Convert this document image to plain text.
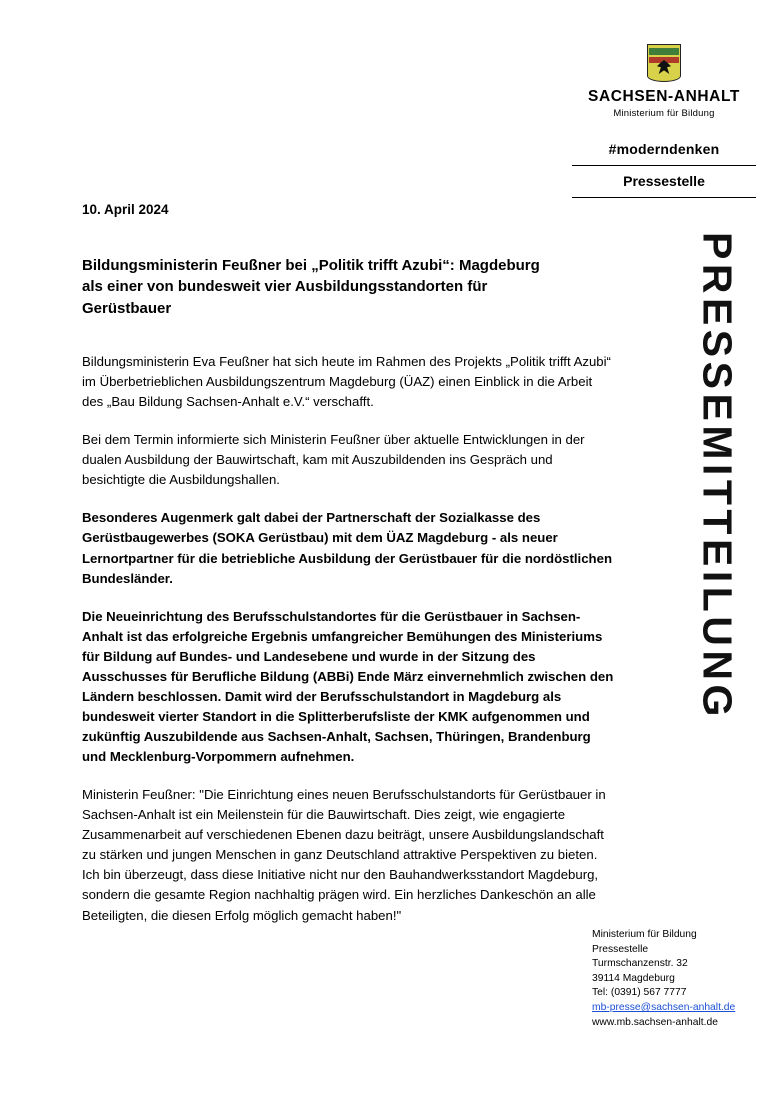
SACHSEN-ANHALT
Ministerium für Bildung
#moderndenken
Pressestelle
10. April 2024
Bildungsministerin Feußner bei „Politik trifft Azubi“: Magdeburg als einer von bundesweit vier Ausbildungsstandorten für Gerüstbauer

Bildungsministerin Eva Feußner hat sich heute im Rahmen des Projekts „Politik trifft Azubi“ im Überbetrieblichen Ausbildungszentrum Magdeburg (ÜAZ) einen Einblick in die Arbeit des „Bau Bildung Sachsen-Anhalt e.V.“ verschafft.

Bei dem Termin informierte sich Ministerin Feußner über aktuelle Entwicklungen in der dualen Ausbildung der Bauwirtschaft, kam mit Auszubildenden ins Gespräch und besichtigte die Ausbildungshallen.

Besonderes Augenmerk galt dabei der Partnerschaft der Sozialkasse des Gerüstbaugewerbes (SOKA Gerüstbau) mit dem ÜAZ Magdeburg - als neuer Lernortpartner für die betriebliche Ausbildung der Gerüstbauer für die nordöstlichen Bundesländer.

Die Neueinrichtung des Berufsschulstandortes für die Gerüstbauer in Sachsen-Anhalt ist das erfolgreiche Ergebnis umfangreicher Bemühungen des Ministeriums für Bildung auf Bundes- und Landesebene und wurde in der Sitzung des Ausschusses für Berufliche Bildung (ABBi) Ende März einvernehmlich zwischen den Ländern beschlossen. Damit wird der Berufsschulstandort in Magdeburg als bundesweit vierter Standort in die Splitterberufsliste der KMK aufgenommen und zukünftig Auszubildende aus Sachsen-Anhalt, Sachsen, Thüringen, Brandenburg und Mecklenburg-Vorpommern aufnehmen.

Ministerin Feußner: "Die Einrichtung eines neuen Berufsschulstandorts für Gerüstbauer in Sachsen-Anhalt ist ein Meilenstein für die Bauwirtschaft. Dies zeigt, wie engagierte Zusammenarbeit auf verschiedenen Ebenen dazu beiträgt, unsere Ausbildungslandschaft zu stärken und jungen Menschen in ganz Deutschland attraktive Perspektiven zu bieten. Ich bin überzeugt, dass diese Initiative nicht nur den Bauhandwerksstandort Magdeburg, sondern die gesamte Region nachhaltig prägen wird. Ein herzliches Dankeschön an alle Beteiligten, die diesen Erfolg möglich gemacht haben!"

PRESSEMITTEILUNG
Ministerium für Bildung
Pressestelle
Turmschanzenstr. 32
39114 Magdeburg
Tel: (0391) 567 7777
mb-presse@sachsen-anhalt.de
www.mb.sachsen-anhalt.de
